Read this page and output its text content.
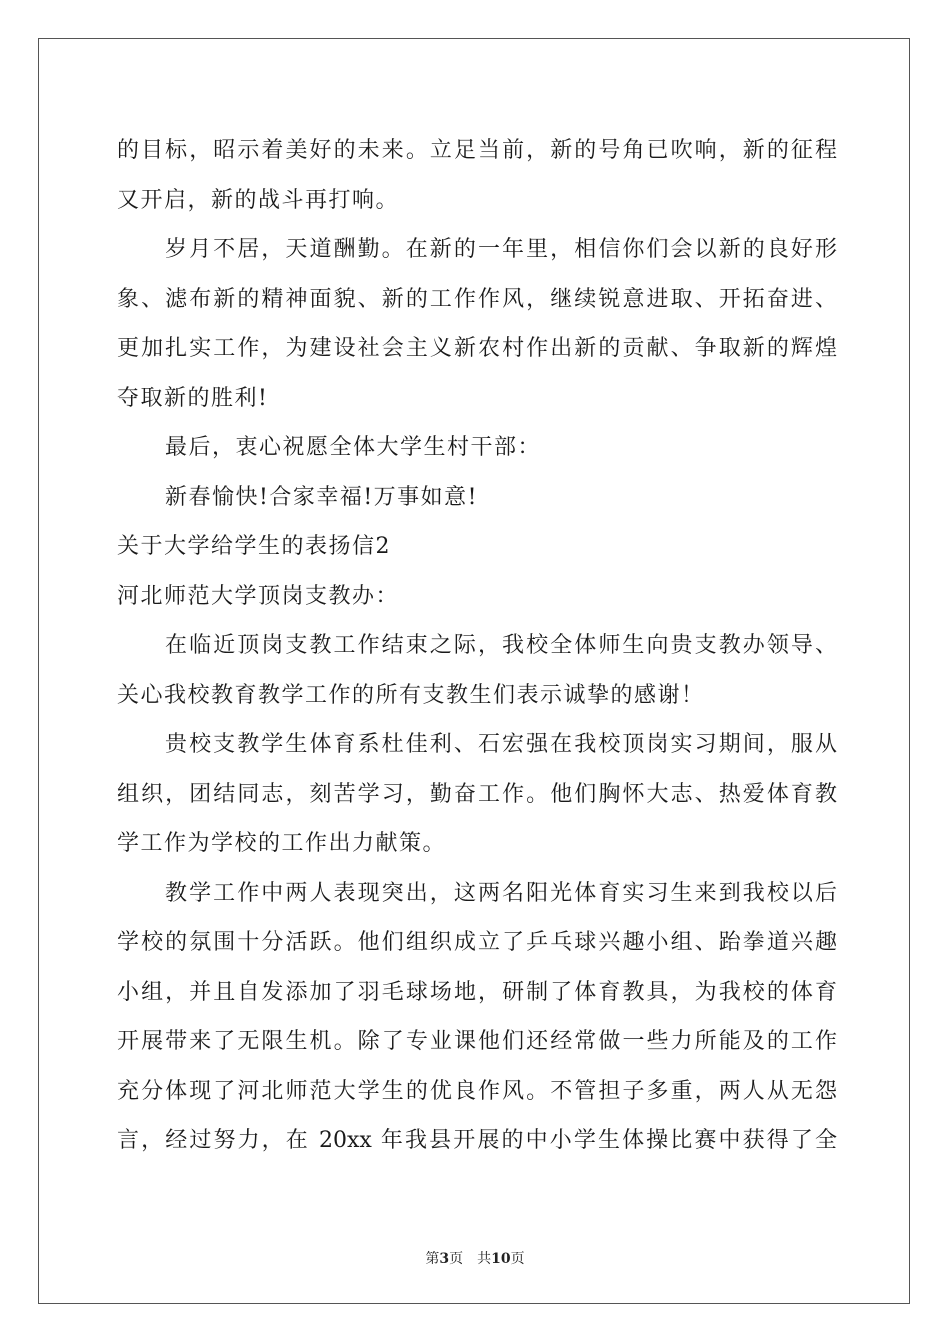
的目标，昭示着美好的未来。立足当前，新的号角已吹响，新的征程
又开启，新的战斗再打响。
岁月不居，天道酬勤。在新的一年里，相信你们会以新的良好形
象、滤布新的精神面貌、新的工作作风，继续锐意进取、开拓奋进、
更加扎实工作，为建设社会主义新农村作出新的贡献、争取新的辉煌
夺取新的胜利!
最后，衷心祝愿全体大学生村干部：
新春愉快!合家幸福!万事如意!
关于大学给学生的表扬信2
河北师范大学顶岗支教办：
在临近顶岗支教工作结束之际，我校全体师生向贵支教办领导、
关心我校教育教学工作的所有支教生们表示诚挚的感谢！
贵校支教学生体育系杜佳利、石宏强在我校顶岗实习期间，服从
组织，团结同志，刻苦学习，勤奋工作。他们胸怀大志、热爱体育教
学工作为学校的工作出力献策。
教学工作中两人表现突出，这两名阳光体育实习生来到我校以后
学校的氛围十分活跃。他们组织成立了乒乓球兴趣小组、跆拳道兴趣
小组，并且自发添加了羽毛球场地，研制了体育教具，为我校的体育
开展带来了无限生机。除了专业课他们还经常做一些力所能及的工作
充分体现了河北师范大学生的优良作风。不管担子多重，两人从无怨
言，经过努力，在 20xx 年我县开展的中小学生体操比赛中获得了全
第3页 共10页
